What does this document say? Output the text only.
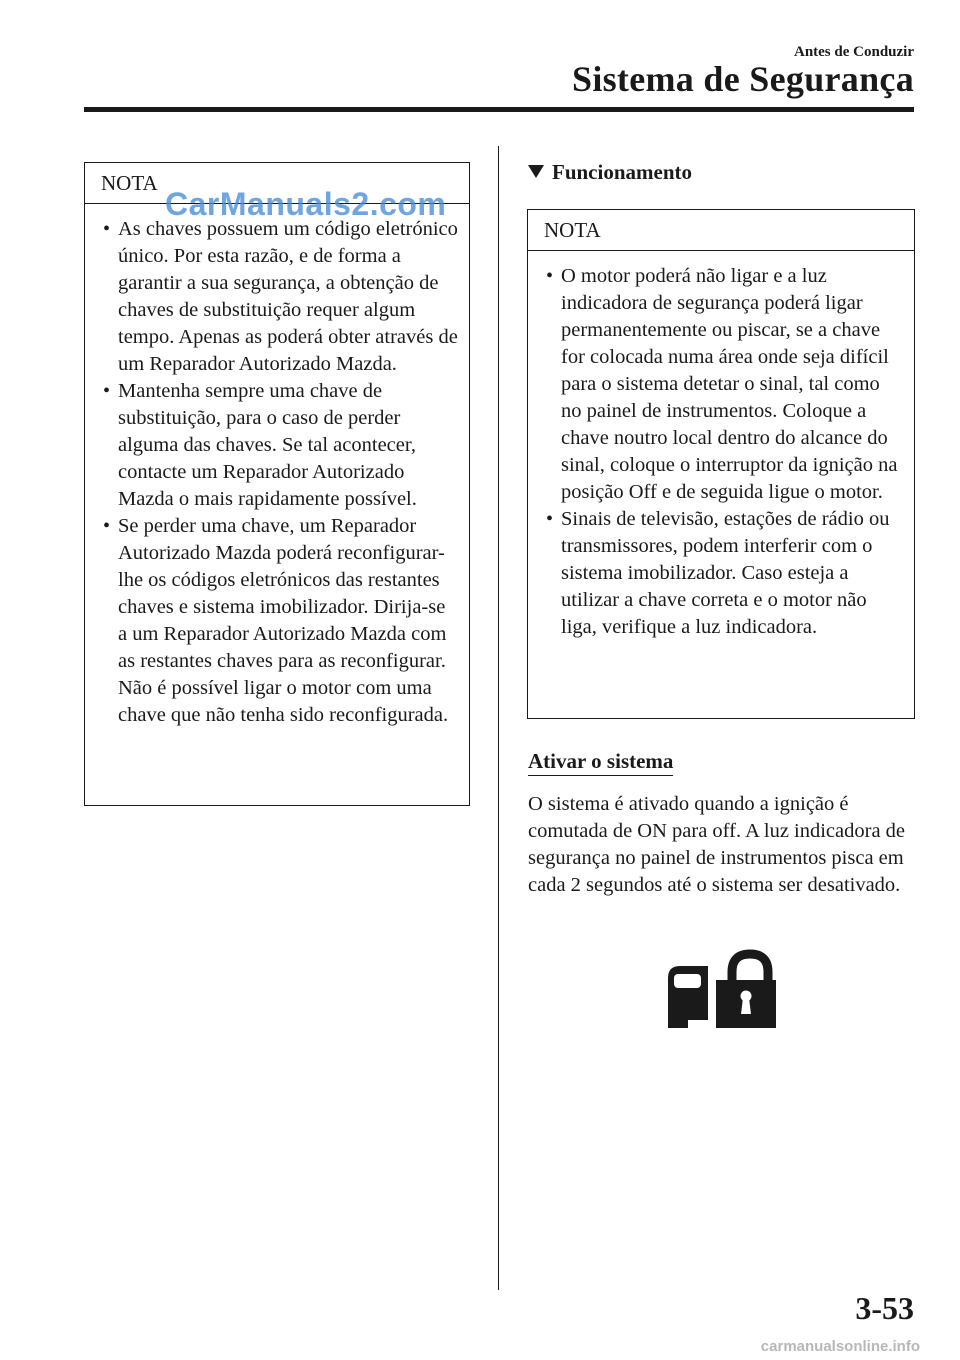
Antes de Conduzir
Sistema de Segurança
NOTA
• As chaves possuem um código eletrónico único. Por esta razão, e de forma a garantir a sua segurança, a obtenção de chaves de substituição requer algum tempo. Apenas as poderá obter através de um Reparador Autorizado Mazda.
• Mantenha sempre uma chave de substituição, para o caso de perder alguma das chaves. Se tal acontecer, contacte um Reparador Autorizado Mazda o mais rapidamente possível.
• Se perder uma chave, um Reparador Autorizado Mazda poderá reconfigurar-lhe os códigos eletrónicos das restantes chaves e sistema imobilizador. Dirija-se a um Reparador Autorizado Mazda com as restantes chaves para as reconfigurar. Não é possível ligar o motor com uma chave que não tenha sido reconfigurada.
CarManuals2.com
Funcionamento
NOTA
• O motor poderá não ligar e a luz indicadora de segurança poderá ligar permanentemente ou piscar, se a chave for colocada numa área onde seja difícil para o sistema detetar o sinal, tal como no painel de instrumentos. Coloque a chave noutro local dentro do alcance do sinal, coloque o interruptor da ignição na posição Off e de seguida ligue o motor.
• Sinais de televisão, estações de rádio ou transmissores, podem interferir com o sistema imobilizador. Caso esteja a utilizar a chave correta e o motor não liga, verifique a luz indicadora.
Ativar o sistema

O sistema é ativado quando a ignição é comutada de ON para off. A luz indicadora de segurança no painel de instrumentos pisca em cada 2 segundos até o sistema ser desativado.

3-53
carmanualsonline.info
